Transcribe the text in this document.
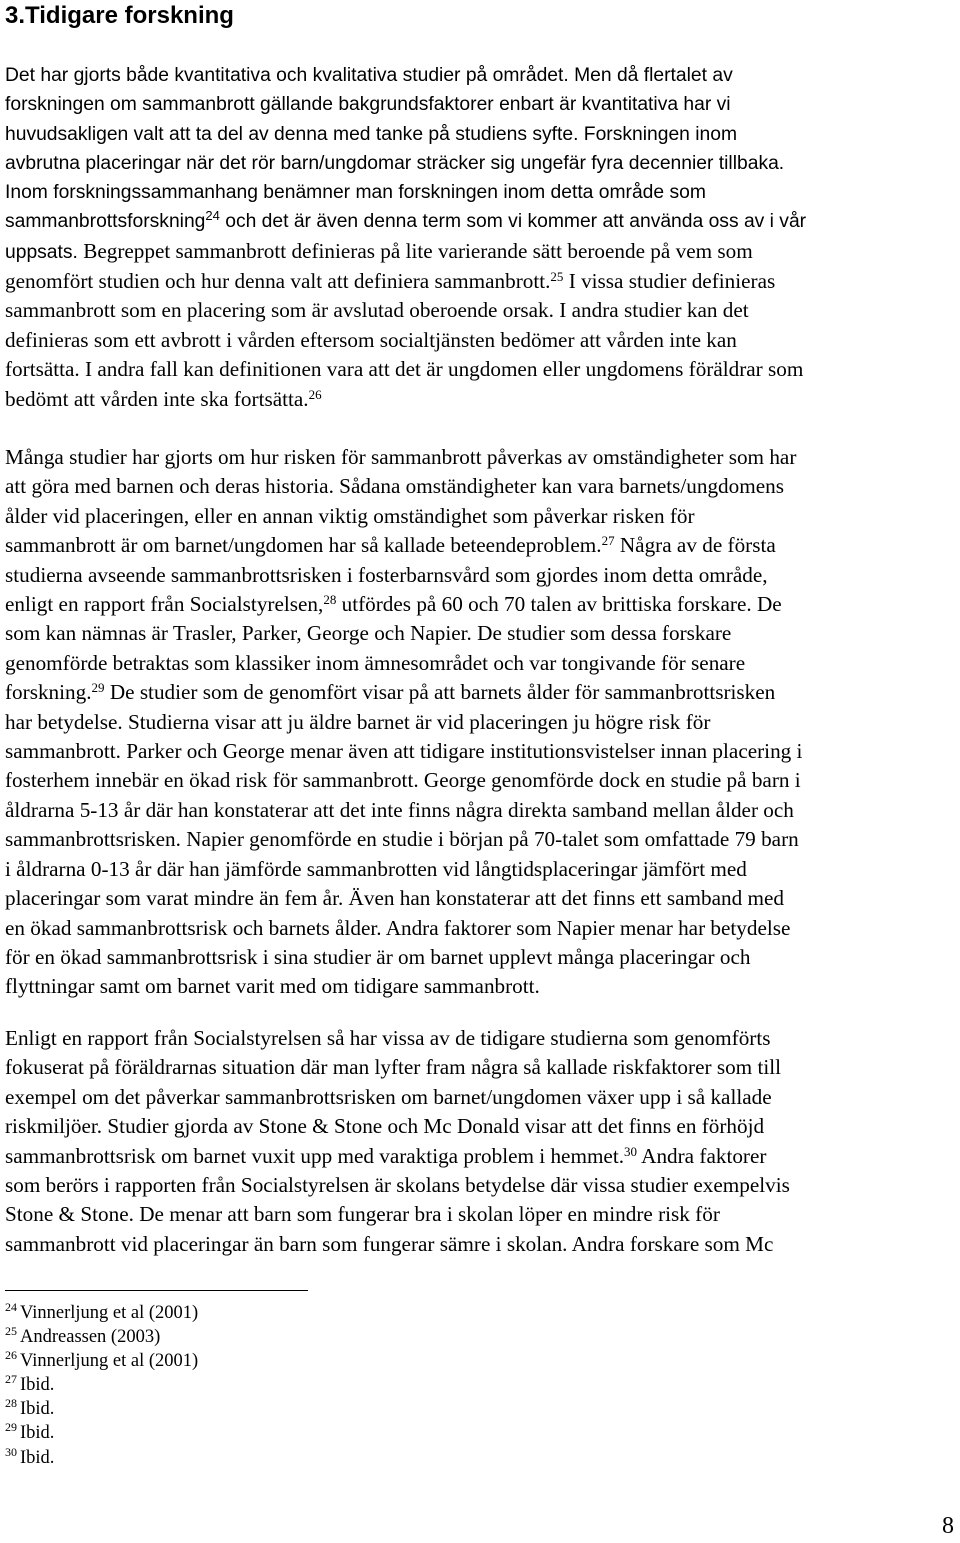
3.Tidigare forskning

Det har gjorts både kvantitativa och kvalitativa studier på området. Men då flertalet av
forskningen om sammanbrott gällande bakgrundsfaktorer enbart är kvantitativa har vi
huvudsakligen valt att ta del av denna med tanke på studiens syfte. Forskningen inom
avbrutna placeringar när det rör barn/ungdomar sträcker sig ungefär fyra decennier tillbaka.
Inom forskningssammanhang benämner man forskningen inom detta område som
sammanbrottsforskning$^{24}$ och det är även denna term som vi kommer att använda oss av i vår
uppsats. Begreppet sammanbrott definieras på lite varierande sätt beroende på vem som
genomfört studien och hur denna valt att definiera sammanbrott.$^{25}$ I vissa studier definieras
sammanbrott som en placering som är avslutad oberoende orsak. I andra studier kan det
definieras som ett avbrott i vården eftersom socialtjänsten bedömer att vården inte kan
fortsätta. I andra fall kan definitionen vara att det är ungdomen eller ungdomens föräldrar som
bedömt att vården inte ska fortsätta.$^{26}$

Många studier har gjorts om hur risken för sammanbrott påverkas av omständigheter som har
att göra med barnen och deras historia. Sådana omständigheter kan vara barnets/ungdomens
ålder vid placeringen, eller en annan viktig omständighet som påverkar risken för
sammanbrott är om barnet/ungdomen har så kallade beteendeproblem.$^{27}$ Några av de första
studierna avseende sammanbrottsrisken i fosterbarnsvård som gjordes inom detta område,
enligt en rapport från Socialstyrelsen,$^{28}$ utfördes på 60 och 70 talen av brittiska forskare. De
som kan nämnas är Trasler, Parker, George och Napier. De studier som dessa forskare
genomförde betraktas som klassiker inom ämnesområdet och var tongivande för senare
forskning.$^{29}$ De studier som de genomfört visar på att barnets ålder för sammanbrottsrisken
har betydelse. Studierna visar att ju äldre barnet är vid placeringen ju högre risk för
sammanbrott. Parker och George menar även att tidigare institutionsvistelser innan placering i
fosterhem innebär en ökad risk för sammanbrott. George genomförde dock en studie på barn i
åldrarna 5-13 år där han konstaterar att det inte finns några direkta samband mellan ålder och
sammanbrottsrisken. Napier genomförde en studie i början på 70-talet som omfattade 79 barn
i åldrarna 0-13 år där han jämförde sammanbrotten vid långtidsplaceringar jämfört med
placeringar som varat mindre än fem år. Även han konstaterar att det finns ett samband med
en ökad sammanbrottsrisk och barnets ålder. Andra faktorer som Napier menar har betydelse
för en ökad sammanbrottsrisk i sina studier är om barnet upplevt många placeringar och
flyttningar samt om barnet varit med om tidigare sammanbrott.

Enligt en rapport från Socialstyrelsen så har vissa av de tidigare studierna som genomförts
fokuserat på föräldrarnas situation där man lyfter fram några så kallade riskfaktorer som till
exempel om det påverkar sammanbrottsrisken om barnet/ungdomen växer upp i så kallade
riskmiljöer. Studier gjorda av Stone & Stone och Mc Donald visar att det finns en förhöjd
sammanbrottsrisk om barnet vuxit upp med varaktiga problem i hemmet.$^{30}$ Andra faktorer
som berörs i rapporten från Socialstyrelsen är skolans betydelse där vissa studier exempelvis
Stone & Stone. De menar att barn som fungerar bra i skolan löper en mindre risk för
sammanbrott vid placeringar än barn som fungerar sämre i skolan. Andra forskare som Mc

$^{24}$ Vinnerljung et al (2001)
$^{25}$ Andreassen (2003)
$^{26}$ Vinnerljung et al (2001)
$^{27}$ Ibid.
$^{28}$ Ibid.
$^{29}$ Ibid.
$^{30}$ Ibid.
8
